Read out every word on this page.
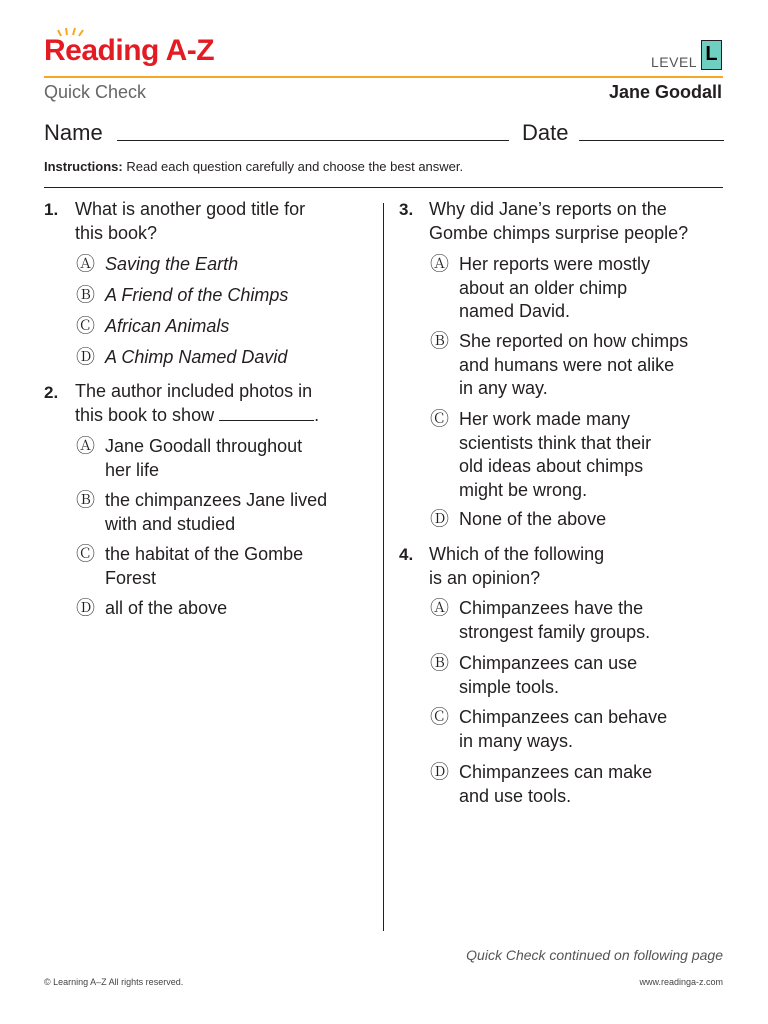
Reading A-Z	LEVEL L
Quick Check	Jane Goodall
Name	Date
Instructions: Read each question carefully and choose the best answer.
1. What is another good title for
this book?
Ⓐ Saving the Earth
Ⓑ A Friend of the Chimps
Ⓒ African Animals
Ⓓ A Chimp Named David
2. The author included photos in
this book to show	.
Ⓐ Jane Goodall throughout
her life
Ⓑ the chimpanzees Jane lived
with and studied
Ⓒ the habitat of the Gombe
Forest
Ⓓ all of the above
3. Why did Jane’s reports on the
Gombe chimps surprise people?
Ⓐ Her reports were mostly
about an older chimp
named David.
Ⓑ She reported on how chimps
and humans were not alike
in any way.
Ⓒ Her work made many
scientists think that their
old ideas about chimps
might be wrong.
Ⓓ None of the above
4. Which of the following
is an opinion?
Ⓐ Chimpanzees have the
strongest family groups.
Ⓑ Chimpanzees can use
simple tools.
Ⓒ Chimpanzees can behave
in many ways.
Ⓓ Chimpanzees can make
and use tools.
Quick Check continued on following page
© Learning A–Z All rights reserved.	www.readinga-z.com
